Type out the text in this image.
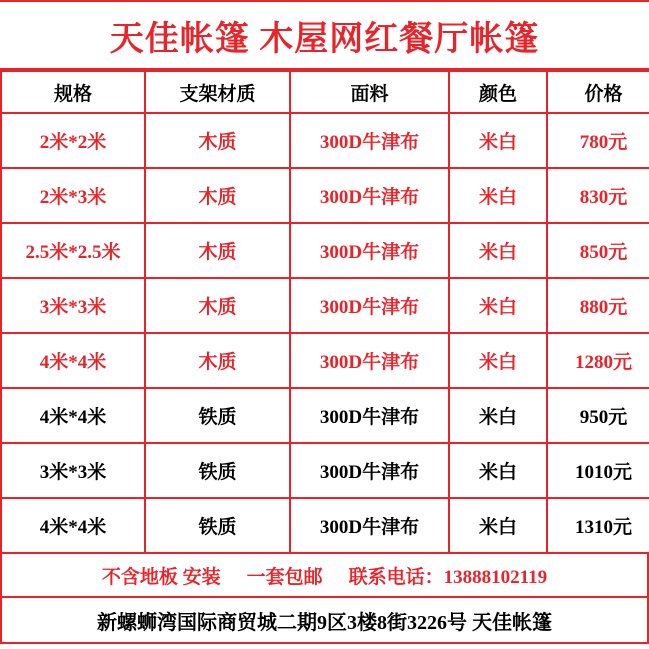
天佳帐篷 木屋网红餐厅帐篷
规格	支架材质	面料	颜色	价格
2米*2米	木质	300D牛津布	米白	780元
2米*3米	木质	300D牛津布	米白	830元
2.5米*2.5米	木质	300D牛津布	米白	850元
3米*3米	木质	300D牛津布	米白	880元
4米*4米	木质	300D牛津布	米白	1280元
4米*4米	铁质	300D牛津布	米白	950元
3米*3米	铁质	300D牛津布	米白	1010元
4米*4米	铁质	300D牛津布	米白	1310元
不含地板 安装 一套包邮 联系电话：13888102119
新螺蛳湾国际商贸城二期9区3楼8街3226号 天佳帐篷
